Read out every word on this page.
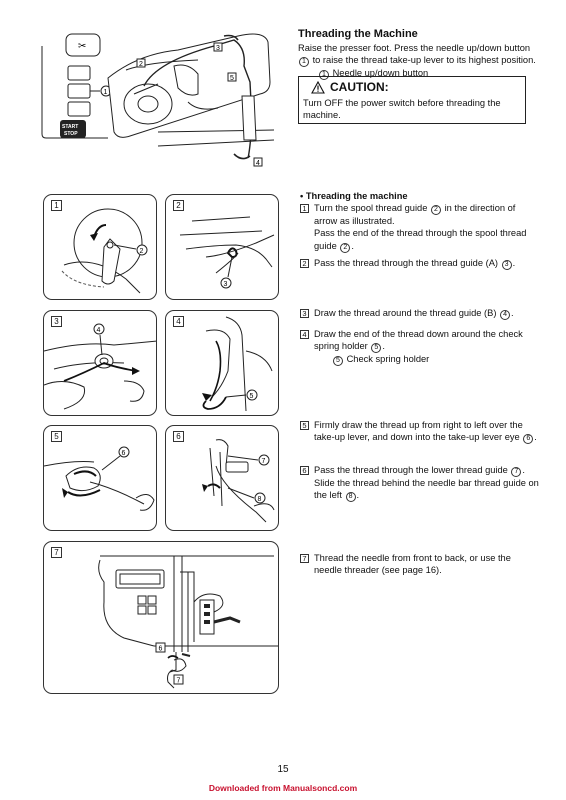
✂
START
STOP
1
2
3
5
4
Threading the Machine
Raise the presser foot. Press the needle up/down button
1 to raise the thread take-up lever to its highest position.
1 Needle up/down button
CAUTION:
Turn OFF the power switch before threading the machine.
• Threading the machine
1 Turn the spool thread guide 2 in the direction of arrow as illustrated.
Pass the end of the thread through the spool thread guide 2 .
2 Pass the thread through the thread guide (A) 3 .
3 Draw the thread around the thread guide (B) 4 .
4 Draw the end of the thread down around the check spring holder 5 .
5 Check spring holder
5 Firmly draw the thread up from right to left over the take-up lever, and down into the take-up lever eye 6 .
6 Pass the thread through the lower thread guide 7 . Slide the thread behind the needle bar thread guide on the left 8 .
7 Thread the needle from front to back, or use the needle threader (see page 16).
2
1
3
2
4
3
5
4
6
5
7
8
6
6
7
7
15
Downloaded from Manualsoncd.com
